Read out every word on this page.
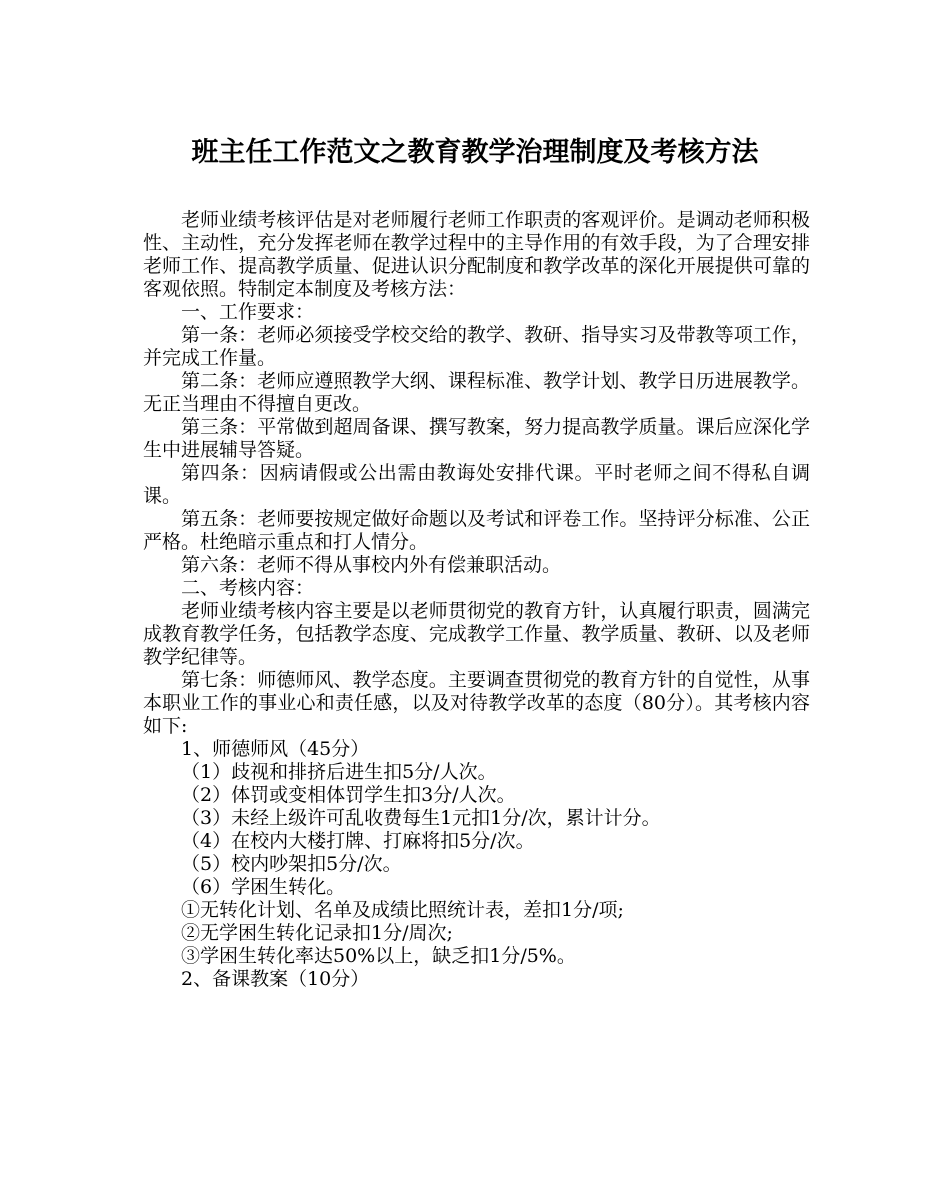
班主任工作范文之教育教学治理制度及考核方法

老师业绩考核评估是对老师履行老师工作职责的客观评价。是调动老师积极性、主动性，充分发挥老师在教学过程中的主导作用的有效手段，为了合理安排老师工作、提高教学质量、促进认识分配制度和教学改革的深化开展提供可靠的客观依照。特制定本制度及考核方法：

一、工作要求：

第一条：老师必须接受学校交给的教学、教研、指导实习及带教等项工作，并完成工作量。

第二条：老师应遵照教学大纲、课程标准、教学计划、教学日历进展教学。无正当理由不得擅自更改。

第三条：平常做到超周备课、撰写教案，努力提高教学质量。课后应深化学生中进展辅导答疑。

第四条：因病请假或公出需由教诲处安排代课。平时老师之间不得私自调课。

第五条：老师要按规定做好命题以及考试和评卷工作。坚持评分标准、公正严格。杜绝暗示重点和打人情分。

第六条：老师不得从事校内外有偿兼职活动。

二、考核内容：

老师业绩考核内容主要是以老师贯彻党的教育方针，认真履行职责，圆满完成教育教学任务，包括教学态度、完成教学工作量、教学质量、教研、以及老师教学纪律等。

第七条：师德师风、教学态度。主要调查贯彻党的教育方针的自觉性，从事本职业工作的事业心和责任感，以及对待教学改革的态度（80分）。其考核内容如下:

1、师德师风（45分）

（1）歧视和排挤后进生扣5分/人次。

（2）体罚或变相体罚学生扣3分/人次。

（3）未经上级许可乱收费每生1元扣1分/次，累计计分。

（4）在校内大楼打牌、打麻将扣5分/次。

（5）校内吵架扣5分/次。

（6）学困生转化。

①无转化计划、名单及成绩比照统计表，差扣1分/项;

②无学困生转化记录扣1分/周次;

③学困生转化率达50%以上，缺乏扣1分/5%。

2、备课教案（10分）
